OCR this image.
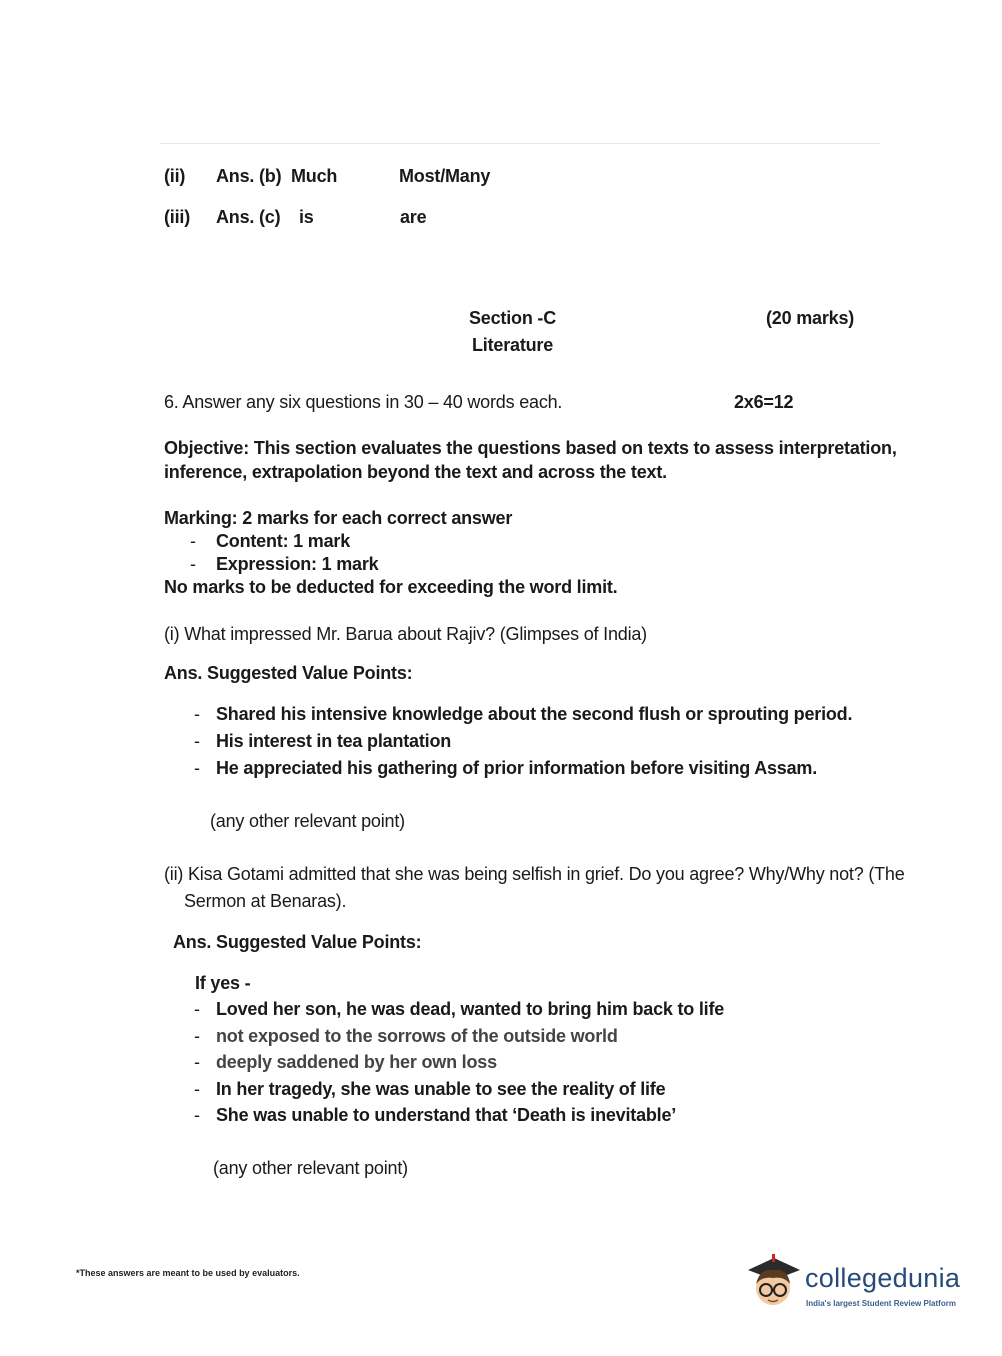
(ii) Ans. (b) Much	Most/Many
(iii) Ans. (c) is	are
Section -C	(20 marks)
Literature
6. Answer any six questions in 30 – 40 words each.	2x6=12
Objective: This section evaluates the questions based on texts to assess interpretation,
inference, extrapolation beyond the text and across the text.
Marking: 2 marks for each correct answer
- Content: 1 mark
- Expression: 1 mark
No marks to be deducted for exceeding the word limit.
(i) What impressed Mr. Barua about Rajiv? (Glimpses of India)
Ans. Suggested Value Points:
- Shared his intensive knowledge about the second flush or sprouting period.
- His interest in tea plantation
- He appreciated his gathering of prior information before visiting Assam.
(any other relevant point)
(ii) Kisa Gotami admitted that she was being selfish in grief. Do you agree? Why/Why not? (The
Sermon at Benaras).
Ans. Suggested Value Points:
If yes -
- Loved her son, he was dead, wanted to bring him back to life
- not exposed to the sorrows of the outside world
- deeply saddened by her own loss
- In her tragedy, she was unable to see the reality of life
- She was unable to understand that ‘Death is inevitable’
(any other relevant point)
*These answers are meant to be used by evaluators.	collegedunia
India's largest Student Review Platform
